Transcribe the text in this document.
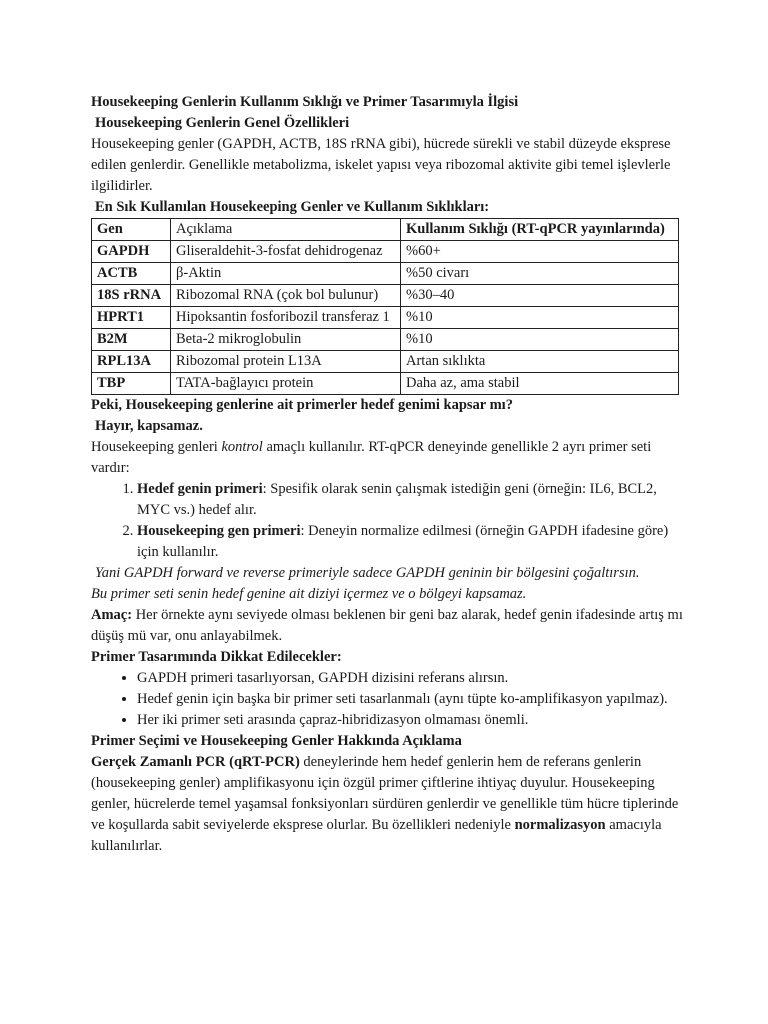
Housekeeping Genlerin Kullanım Sıklığı ve Primer Tasarımıyla İlgisi

Housekeeping Genlerin Genel Özellikleri

Housekeeping genler (GAPDH, ACTB, 18S rRNA gibi), hücrede sürekli ve stabil düzeyde eksprese edilen genlerdir. Genellikle metabolizma, iskelet yapısı veya ribozomal aktivite gibi temel işlevlerle ilgilidirler.

En Sık Kullanılan Housekeeping Genler ve Kullanım Sıklıkları:

Gen	Açıklama	Kullanım Sıklığı (RT-qPCR yayınlarında)
GAPDH	Gliseraldehit-3-fosfat dehidrogenaz	%60+
ACTB	β-Aktin	%50 civarı
18S rRNA	Ribozomal RNA (çok bol bulunur)	%30–40
HPRT1	Hipoksantin fosforibozil transferaz 1	%10
B2M	Beta-2 mikroglobulin	%10
RPL13A	Ribozomal protein L13A	Artan sıklıkta
TBP	TATA-bağlayıcı protein	Daha az, ama stabil

Peki, Housekeeping genlerine ait primerler hedef genimi kapsar mı?

Hayır, kapsamaz.

Housekeeping genleri kontrol amaçlı kullanılır. RT-qPCR deneyinde genellikle 2 ayrı primer seti vardır:

1. Hedef genin primeri: Spesifik olarak senin çalışmak istediğin geni (örneğin: IL6, BCL2, MYC vs.) hedef alır.
2. Housekeeping gen primeri: Deneyin normalize edilmesi (örneğin GAPDH ifadesine göre) için kullanılır.

Yani GAPDH forward ve reverse primeriyle sadece GAPDH geninin bir bölgesini çoğaltırsın.

Bu primer seti senin hedef genine ait diziyi içermez ve o bölgeyi kapsamaz.

Amaç: Her örnekte aynı seviyede olması beklenen bir geni baz alarak, hedef genin ifadesinde artış mı düşüş mü var, onu anlayabilmek.

Primer Tasarımında Dikkat Edilecekler:

• GAPDH primeri tasarlıyorsan, GAPDH dizisini referans alırsın.
• Hedef genin için başka bir primer seti tasarlanmalı (aynı tüpte ko-amplifikasyon yapılmaz).
• Her iki primer seti arasında çapraz-hibridizasyon olmaması önemli.

Primer Seçimi ve Housekeeping Genler Hakkında Açıklama

Gerçek Zamanlı PCR (qRT-PCR) deneylerinde hem hedef genlerin hem de referans genlerin (housekeeping genler) amplifikasyonu için özgül primer çiftlerine ihtiyaç duyulur. Housekeeping genler, hücrelerde temel yaşamsal fonksiyonları sürdüren genlerdir ve genellikle tüm hücre tiplerinde ve koşullarda sabit seviyelerde eksprese olurlar. Bu özellikleri nedeniyle normalizasyon amacıyla kullanılırlar.
